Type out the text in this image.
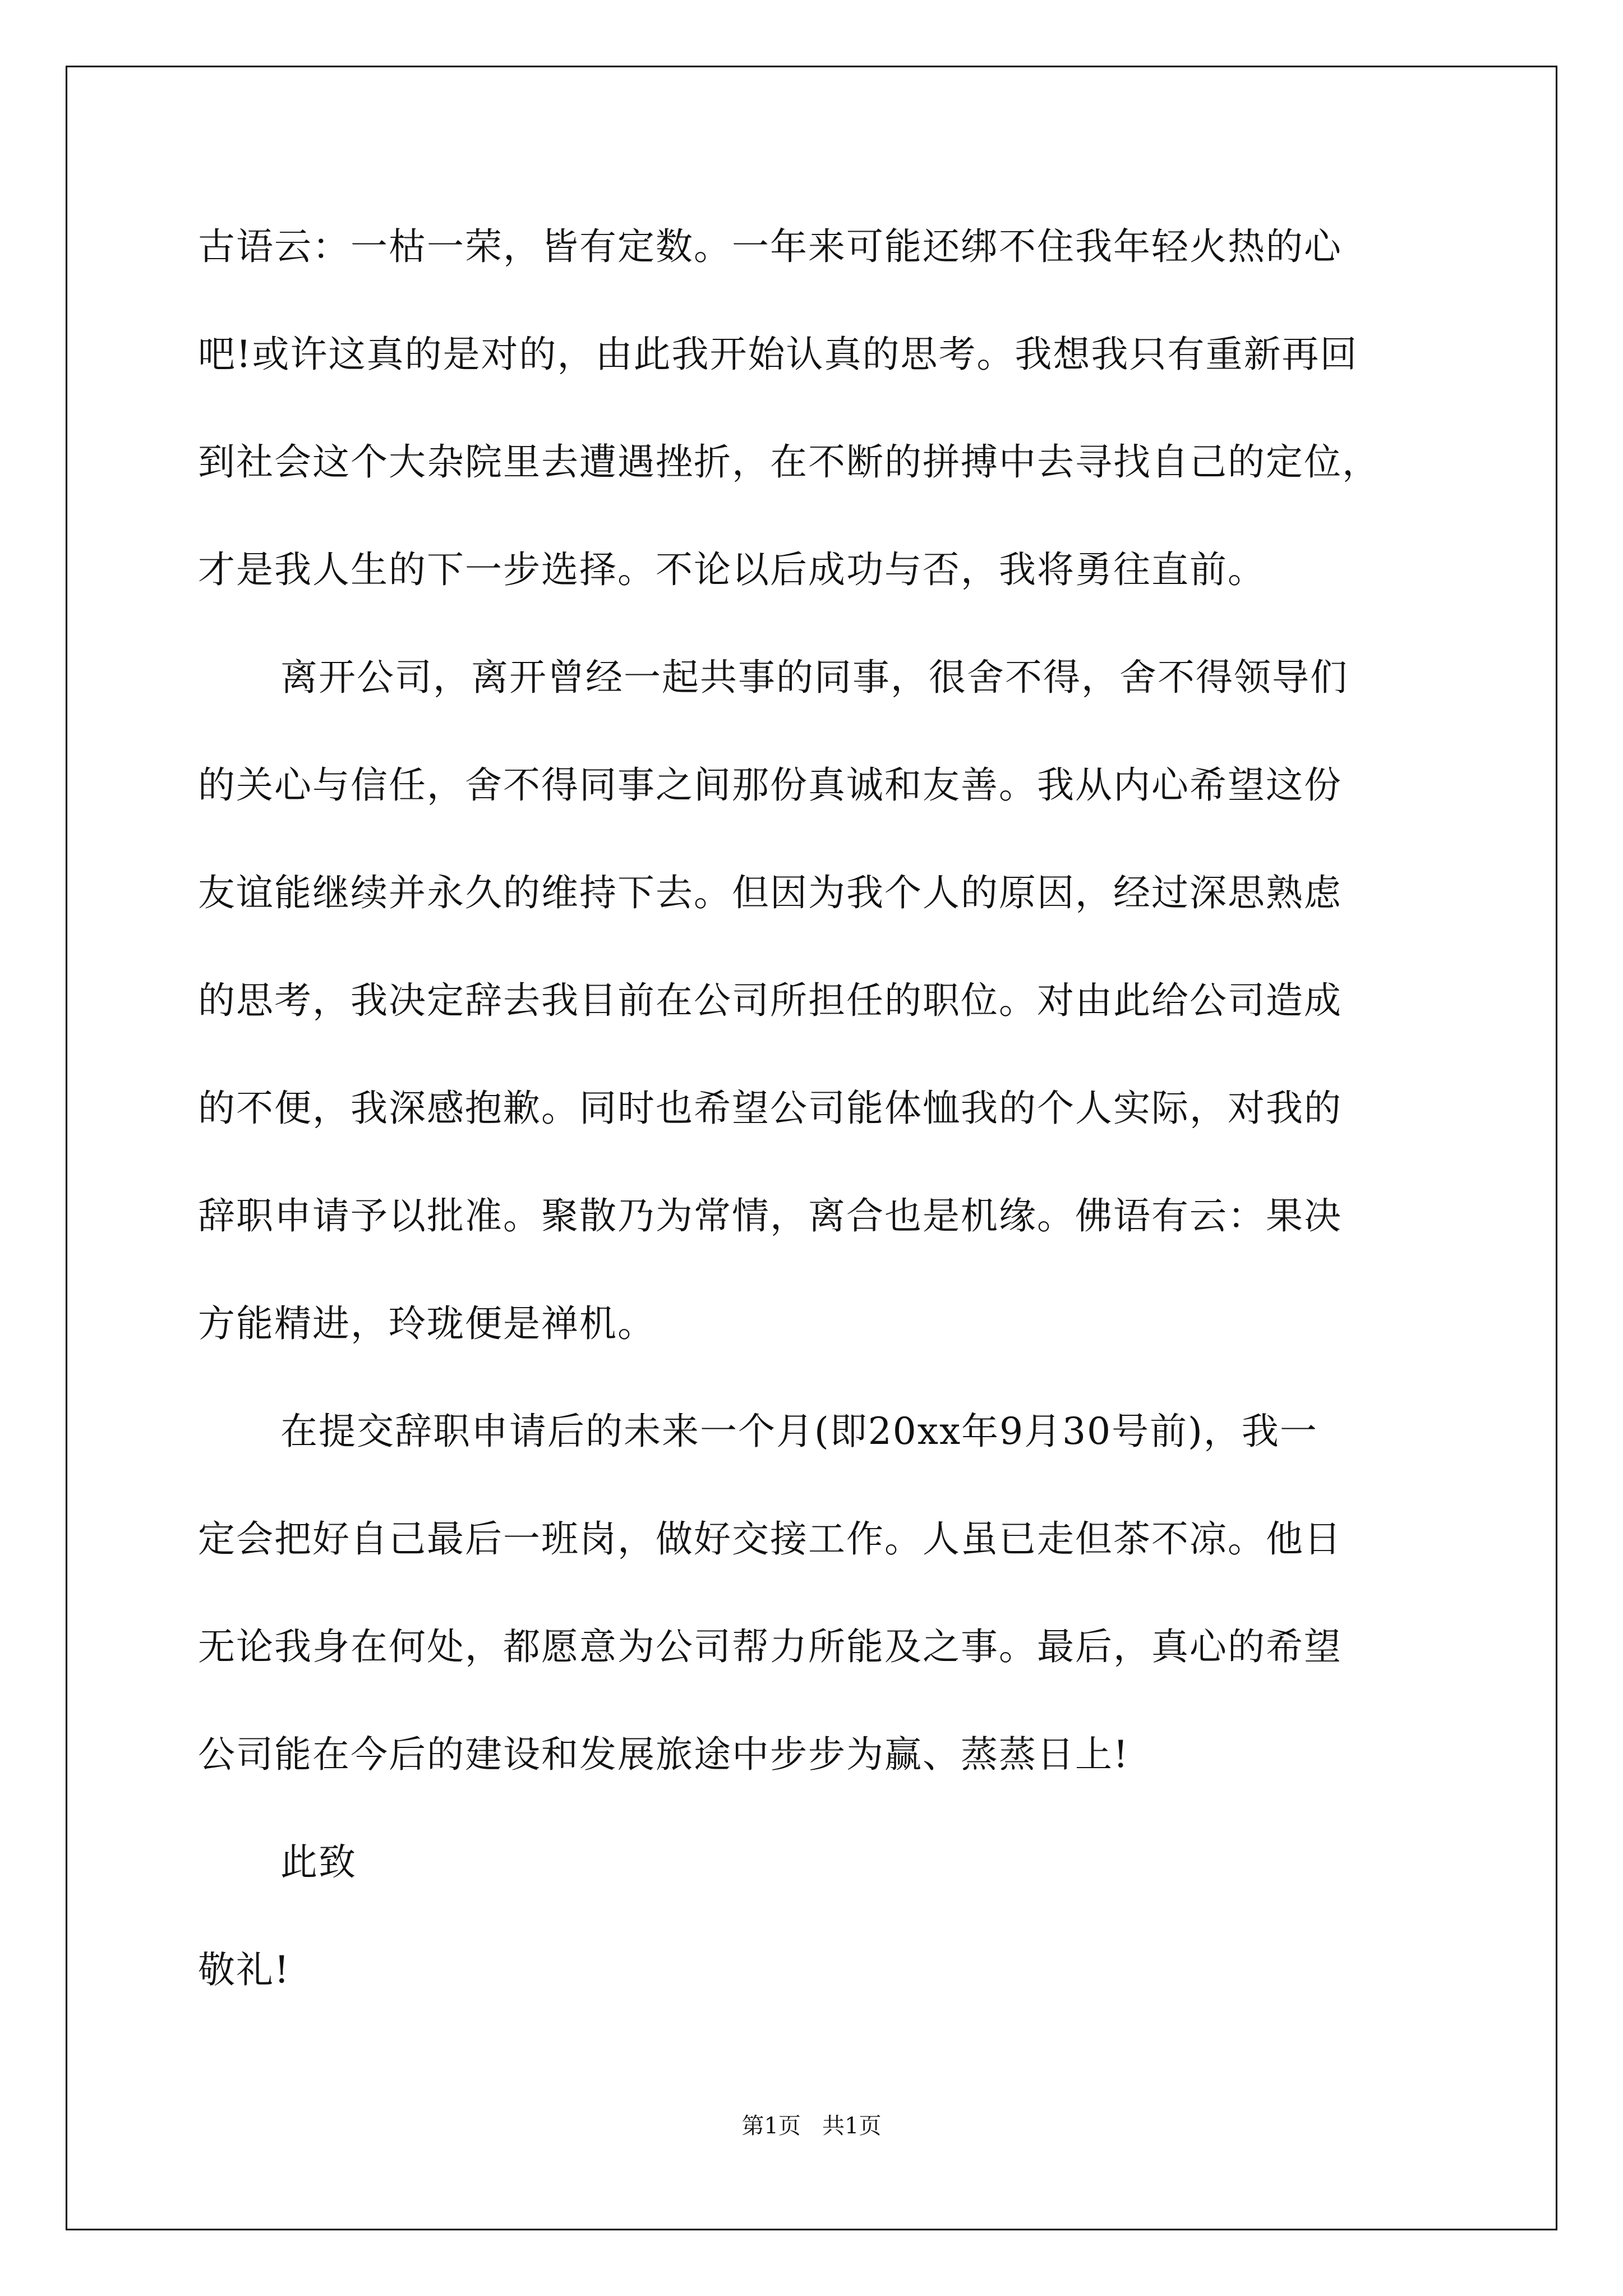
古语云：一枯一荣，皆有定数。一年来可能还绑不住我年轻火热的心
吧!或许这真的是对的，由此我开始认真的思考。我想我只有重新再回
到社会这个大杂院里去遭遇挫折，在不断的拼搏中去寻找自己的定位，
才是我人生的下一步选择。不论以后成功与否，我将勇往直前。
离开公司，离开曾经一起共事的同事，很舍不得，舍不得领导们
的关心与信任，舍不得同事之间那份真诚和友善。我从内心希望这份
友谊能继续并永久的维持下去。但因为我个人的原因，经过深思熟虑
的思考，我决定辞去我目前在公司所担任的职位。对由此给公司造成
的不便，我深感抱歉。同时也希望公司能体恤我的个人实际，对我的
辞职申请予以批准。聚散乃为常情，离合也是机缘。佛语有云：果决
方能精进，玲珑便是禅机。
在提交辞职申请后的未来一个月(即20xx年9月30号前)，我一
定会把好自己最后一班岗，做好交接工作。人虽已走但茶不凉。他日
无论我身在何处，都愿意为公司帮力所能及之事。最后，真心的希望
公司能在今后的建设和发展旅途中步步为赢、蒸蒸日上!
此致
敬礼!
第1页   共1页
